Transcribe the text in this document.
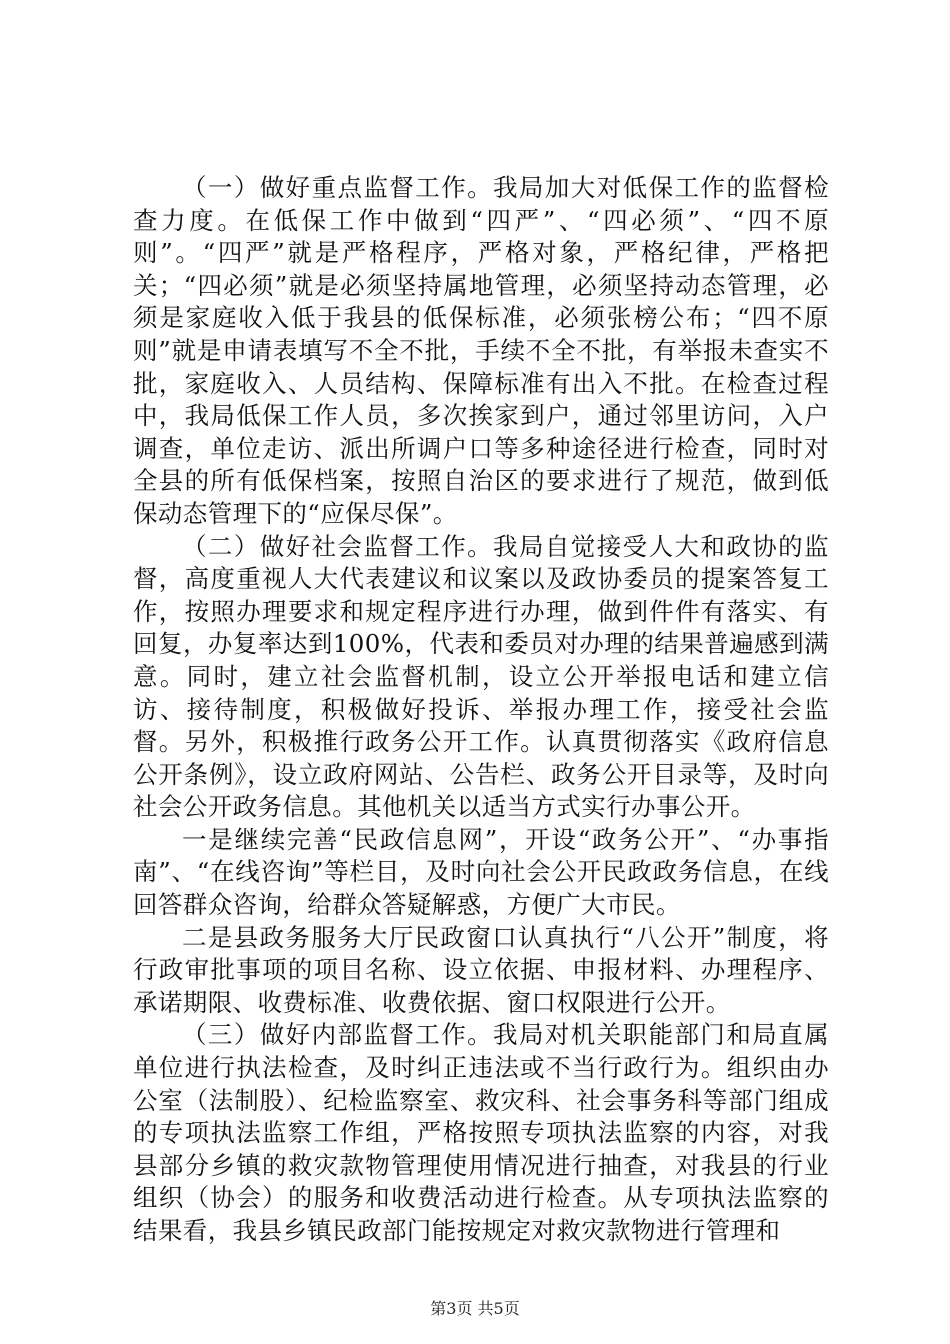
（一）做好重点监督工作。我局加大对低保工作的监督检查力度。在低保工作中做到“四严”、“四必须”、“四不原则”。“四严”就是严格程序，严格对象，严格纪律，严格把关；“四必须”就是必须坚持属地管理，必须坚持动态管理，必须是家庭收入低于我县的低保标准，必须张榜公布；“四不原则”就是申请表填写不全不批，手续不全不批，有举报未查实不批，家庭收入、人员结构、保障标准有出入不批。在检查过程中，我局低保工作人员，多次挨家到户，通过邻里访问，入户调查，单位走访、派出所调户口等多种途径进行检查，同时对全县的所有低保档案，按照自治区的要求进行了规范，做到低保动态管理下的“应保尽保”。

（二）做好社会监督工作。我局自觉接受人大和政协的监督，高度重视人大代表建议和议案以及政协委员的提案答复工作，按照办理要求和规定程序进行办理，做到件件有落实、有回复，办复率达到100%，代表和委员对办理的结果普遍感到满意。同时，建立社会监督机制，设立公开举报电话和建立信访、接待制度，积极做好投诉、举报办理工作，接受社会监督。另外，积极推行政务公开工作。认真贯彻落实《政府信息公开条例》，设立政府网站、公告栏、政务公开目录等，及时向社会公开政务信息。其他机关以适当方式实行办事公开。

一是继续完善“民政信息网”，开设“政务公开”、“办事指南”、“在线咨询”等栏目，及时向社会公开民政政务信息，在线回答群众咨询，给群众答疑解惑，方便广大市民。

二是县政务服务大厅民政窗口认真执行“八公开”制度，将行政审批事项的项目名称、设立依据、申报材料、办理程序、承诺期限、收费标准、收费依据、窗口权限进行公开。

（三）做好内部监督工作。我局对机关职能部门和局直属单位进行执法检查，及时纠正违法或不当行政行为。组织由办公室（法制股）、纪检监察室、救灾科、社会事务科等部门组成的专项执法监察工作组，严格按照专项执法监察的内容，对我县部分乡镇的救灾款物管理使用情况进行抽查，对我县的行业组织（协会）的服务和收费活动进行检查。从专项执法监察的结果看，我县乡镇民政部门能按规定对救灾款物进行管理和

第3页 共5页
